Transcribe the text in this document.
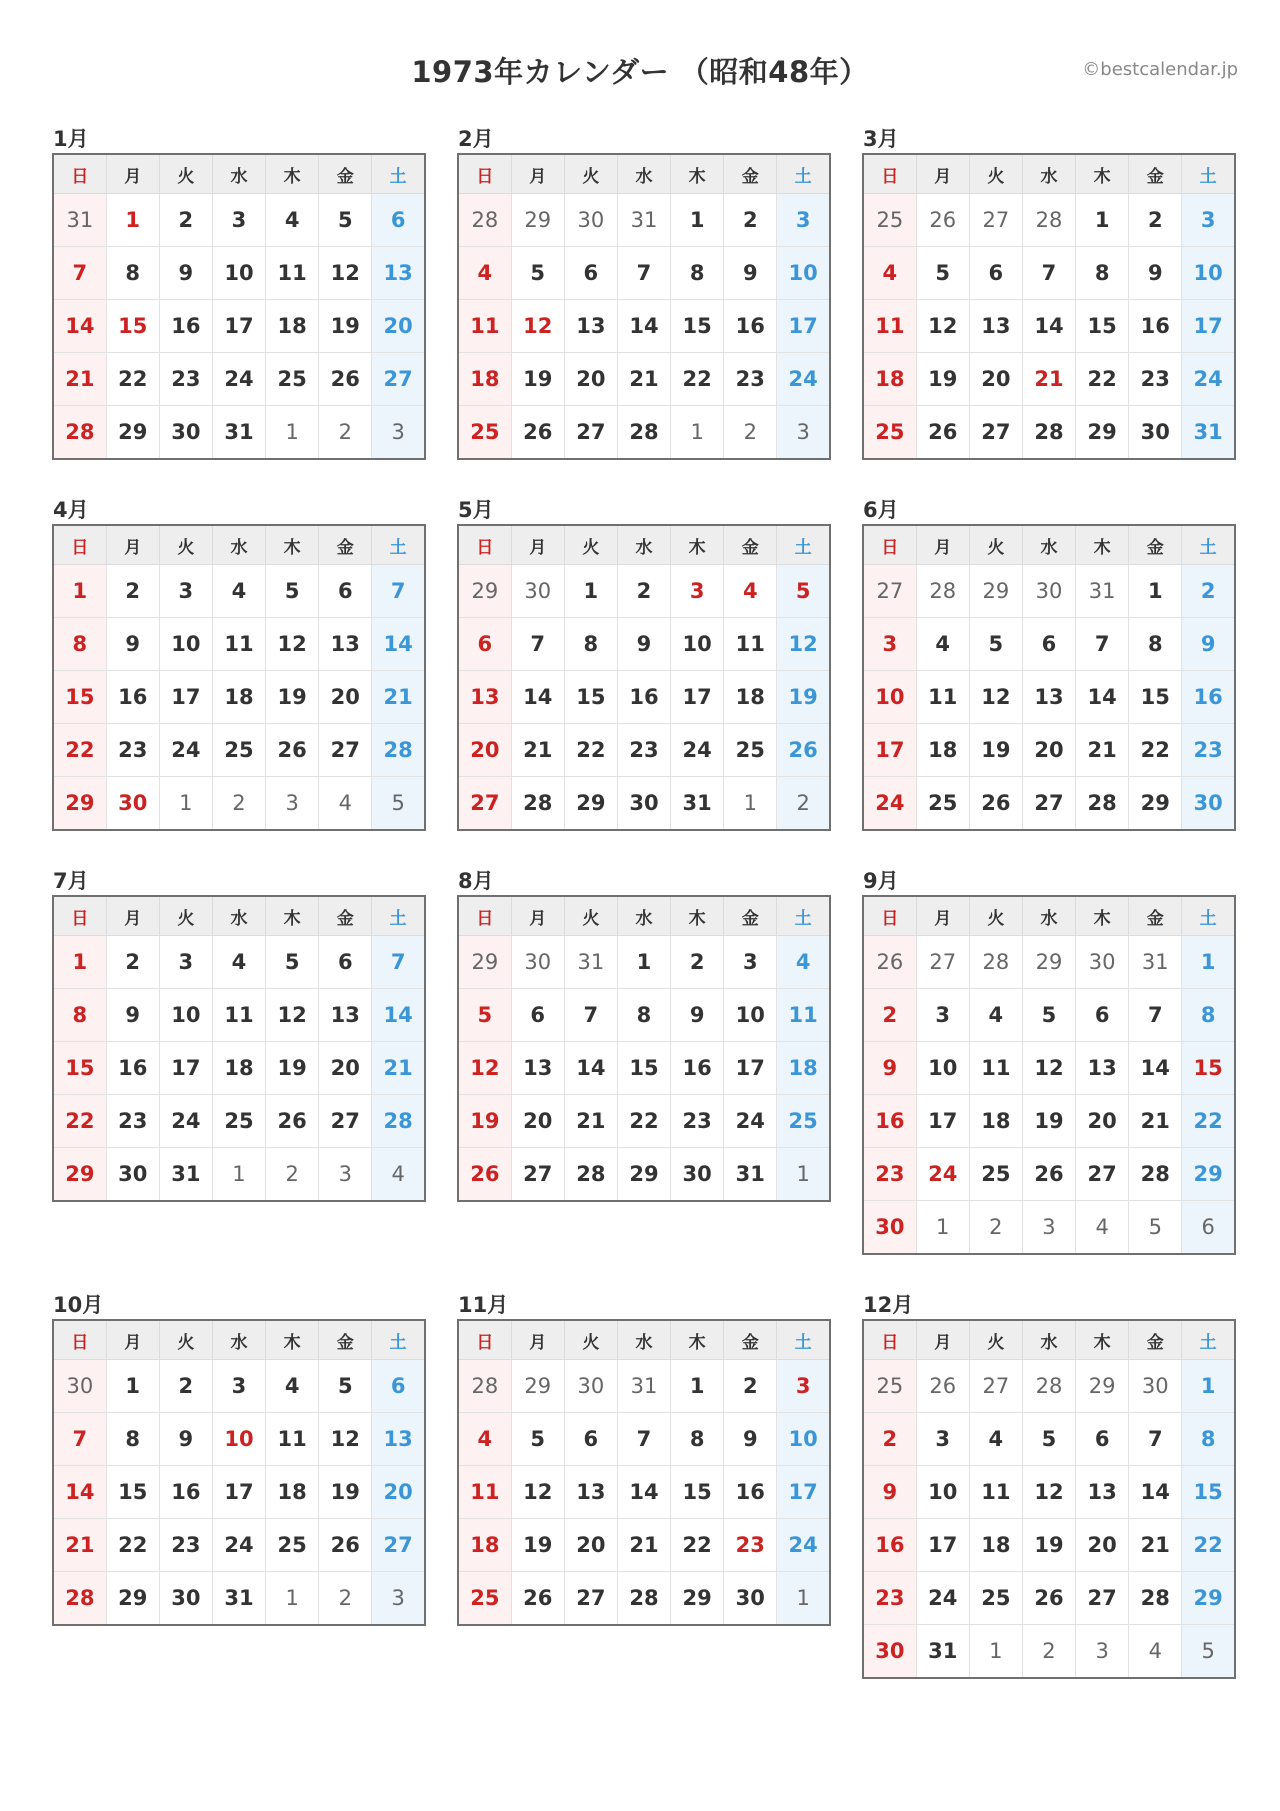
1973年カレンダー （昭和48年）	©bestcalendar.jp
1月
日	月	火	水	木	金	土
31	1	2	3	4	5	6
7	8	9	10	11	12	13
14	15	16	17	18	19	20
21	22	23	24	25	26	27
28	29	30	31	1	2	3
2月
日	月	火	水	木	金	土
28	29	30	31	1	2	3
4	5	6	7	8	9	10
11	12	13	14	15	16	17
18	19	20	21	22	23	24
25	26	27	28	1	2	3
3月
日	月	火	水	木	金	土
25	26	27	28	1	2	3
4	5	6	7	8	9	10
11	12	13	14	15	16	17
18	19	20	21	22	23	24
25	26	27	28	29	30	31
4月
日	月	火	水	木	金	土
1	2	3	4	5	6	7
8	9	10	11	12	13	14
15	16	17	18	19	20	21
22	23	24	25	26	27	28
29	30	1	2	3	4	5
5月
日	月	火	水	木	金	土
29	30	1	2	3	4	5
6	7	8	9	10	11	12
13	14	15	16	17	18	19
20	21	22	23	24	25	26
27	28	29	30	31	1	2
6月
日	月	火	水	木	金	土
27	28	29	30	31	1	2
3	4	5	6	7	8	9
10	11	12	13	14	15	16
17	18	19	20	21	22	23
24	25	26	27	28	29	30
7月
日	月	火	水	木	金	土
1	2	3	4	5	6	7
8	9	10	11	12	13	14
15	16	17	18	19	20	21
22	23	24	25	26	27	28
29	30	31	1	2	3	4
8月
日	月	火	水	木	金	土
29	30	31	1	2	3	4
5	6	7	8	9	10	11
12	13	14	15	16	17	18
19	20	21	22	23	24	25
26	27	28	29	30	31	1
9月
日	月	火	水	木	金	土
26	27	28	29	30	31	1
2	3	4	5	6	7	8
9	10	11	12	13	14	15
16	17	18	19	20	21	22
23	24	25	26	27	28	29
30	1	2	3	4	5	6
10月
日	月	火	水	木	金	土
30	1	2	3	4	5	6
7	8	9	10	11	12	13
14	15	16	17	18	19	20
21	22	23	24	25	26	27
28	29	30	31	1	2	3
11月
日	月	火	水	木	金	土
28	29	30	31	1	2	3
4	5	6	7	8	9	10
11	12	13	14	15	16	17
18	19	20	21	22	23	24
25	26	27	28	29	30	1
12月
日	月	火	水	木	金	土
25	26	27	28	29	30	1
2	3	4	5	6	7	8
9	10	11	12	13	14	15
16	17	18	19	20	21	22
23	24	25	26	27	28	29
30	31	1	2	3	4	5
